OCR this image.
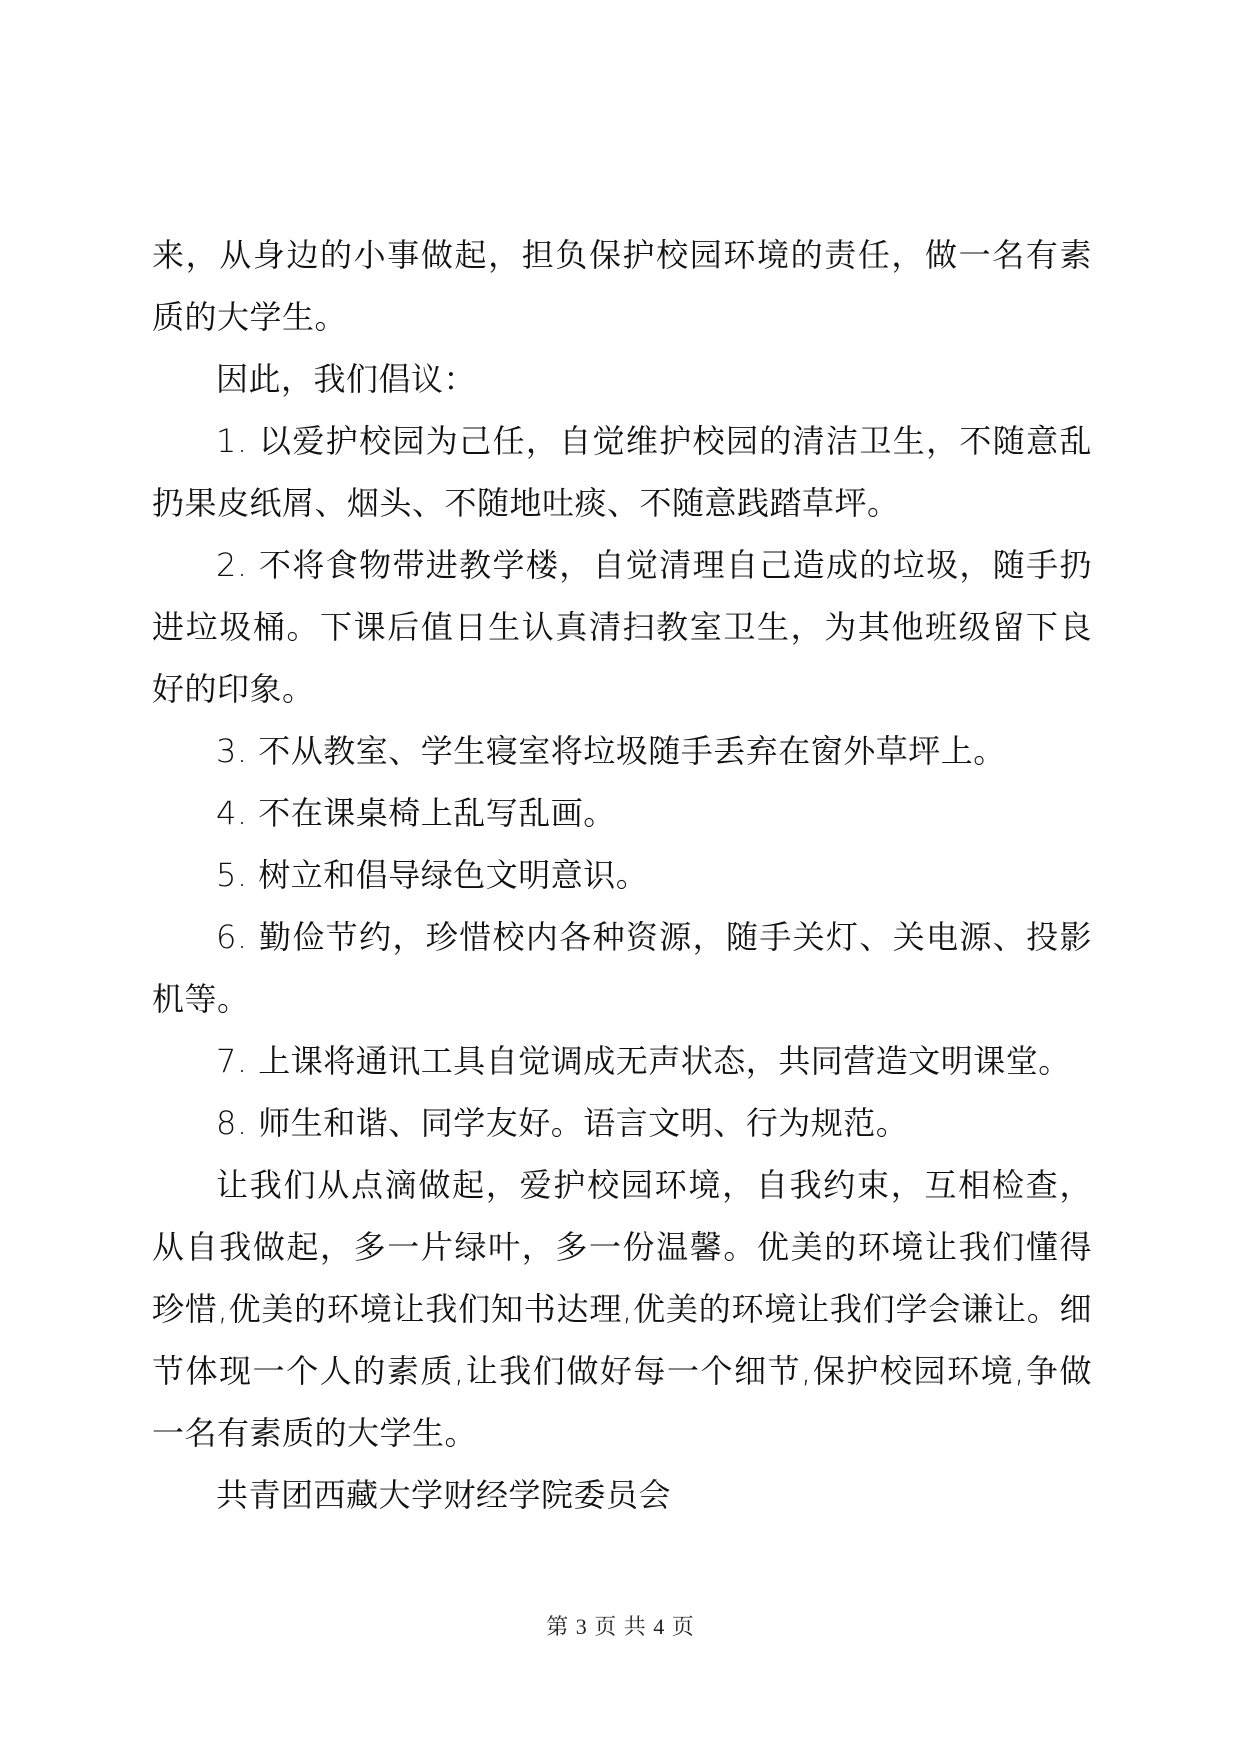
来，从身边的小事做起，担负保护校园环境的责任，做一名有素质的大学生。

因此，我们倡议：

1. 以爱护校园为己任，自觉维护校园的清洁卫生，不随意乱扔果皮纸屑、烟头、不随地吐痰、不随意践踏草坪。

2. 不将食物带进教学楼，自觉清理自己造成的垃圾，随手扔进垃圾桶。下课后值日生认真清扫教室卫生，为其他班级留下良好的印象。

3. 不从教室、学生寝室将垃圾随手丢弃在窗外草坪上。

4. 不在课桌椅上乱写乱画。

5. 树立和倡导绿色文明意识。

6. 勤俭节约，珍惜校内各种资源，随手关灯、关电源、投影机等。

7. 上课将通讯工具自觉调成无声状态，共同营造文明课堂。

8. 师生和谐、同学友好。语言文明、行为规范。

让我们从点滴做起，爱护校园环境，自我约束，互相检查，从自我做起，多一片绿叶，多一份温馨。优美的环境让我们懂得珍惜,优美的环境让我们知书达理,优美的环境让我们学会谦让。细节体现一个人的素质,让我们做好每一个细节,保护校园环境,争做一名有素质的大学生。

共青团西藏大学财经学院委员会

第 3 页 共 4 页
